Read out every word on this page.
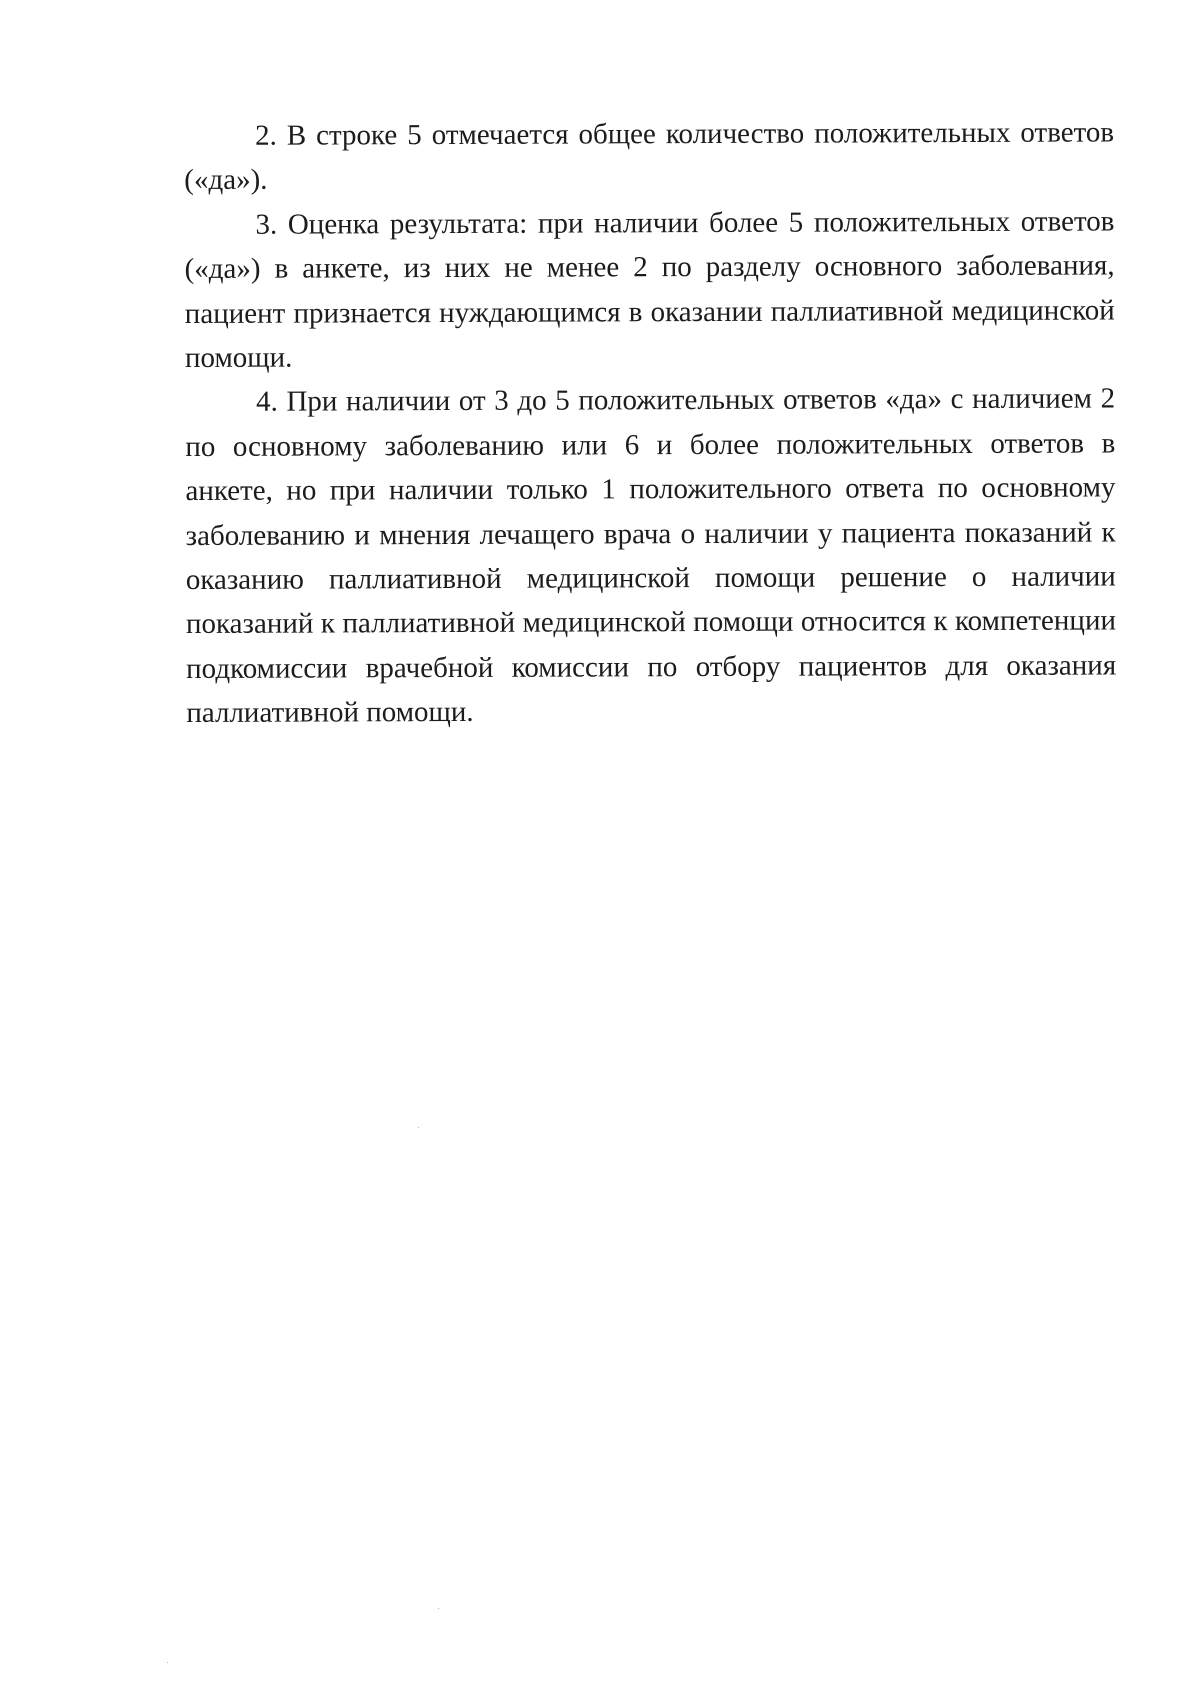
2. В строке 5 отмечается общее количество положительных ответов («да»).

3. Оценка результата: при наличии более 5 положительных ответов («да») в анкете, из них не менее 2 по разделу основного заболевания, пациент признается нуждающимся в оказании паллиативной медицинской помощи.

4. При наличии от 3 до 5 положительных ответов «да» с наличием 2 по основному заболеванию или 6 и более положительных ответов в анкете, но при наличии только 1 положительного ответа по основному заболеванию и мнения лечащего врача о наличии у пациента показаний к оказанию паллиативной медицинской помощи решение о наличии показаний к паллиативной медицинской помощи относится к компетенции подкомиссии врачебной комиссии по отбору пациентов для оказания паллиативной помощи.
